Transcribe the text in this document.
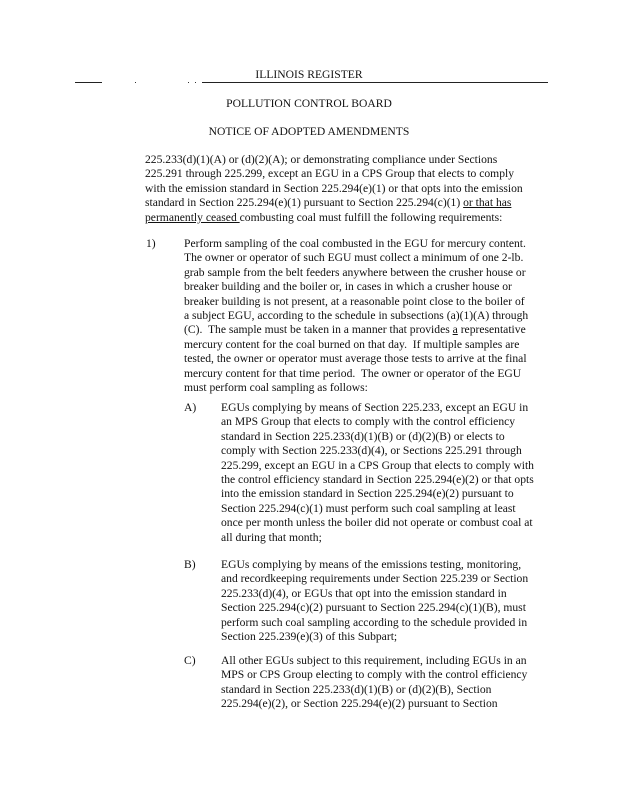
ILLINOIS REGISTER
POLLUTION CONTROL BOARD
NOTICE OF ADOPTED AMENDMENTS
225.233(d)(1)(A) or (d)(2)(A); or demonstrating compliance under Sections
225.291 through 225.299, except an EGU in a CPS Group that elects to comply
with the emission standard in Section 225.294(e)(1) or that opts into the emission
standard in Section 225.294(e)(1) pursuant to Section 225.294(c)(1) or that has
permanently ceased combusting coal must fulfill the following requirements:
1) Perform sampling of the coal combusted in the EGU for mercury content.
The owner or operator of such EGU must collect a minimum of one 2-lb.
grab sample from the belt feeders anywhere between the crusher house or
breaker building and the boiler or, in cases in which a crusher house or
breaker building is not present, at a reasonable point close to the boiler of
a subject EGU, according to the schedule in subsections (a)(1)(A) through
(C).  The sample must be taken in a manner that provides a representative
mercury content for the coal burned on that day.  If multiple samples are
tested, the owner or operator must average those tests to arrive at the final
mercury content for that time period.  The owner or operator of the EGU
must perform coal sampling as follows:
A) EGUs complying by means of Section 225.233, except an EGU in
an MPS Group that elects to comply with the control efficiency
standard in Section 225.233(d)(1)(B) or (d)(2)(B) or elects to
comply with Section 225.233(d)(4), or Sections 225.291 through
225.299, except an EGU in a CPS Group that elects to comply with
the control efficiency standard in Section 225.294(e)(2) or that opts
into the emission standard in Section 225.294(e)(2) pursuant to
Section 225.294(c)(1) must perform such coal sampling at least
once per month unless the boiler did not operate or combust coal at
all during that month;
B) EGUs complying by means of the emissions testing, monitoring,
and recordkeeping requirements under Section 225.239 or Section
225.233(d)(4), or EGUs that opt into the emission standard in
Section 225.294(c)(2) pursuant to Section 225.294(c)(1)(B), must
perform such coal sampling according to the schedule provided in
Section 225.239(e)(3) of this Subpart;
C) All other EGUs subject to this requirement, including EGUs in an
MPS or CPS Group electing to comply with the control efficiency
standard in Section 225.233(d)(1)(B) or (d)(2)(B), Section
225.294(e)(2), or Section 225.294(e)(2) pursuant to Section
